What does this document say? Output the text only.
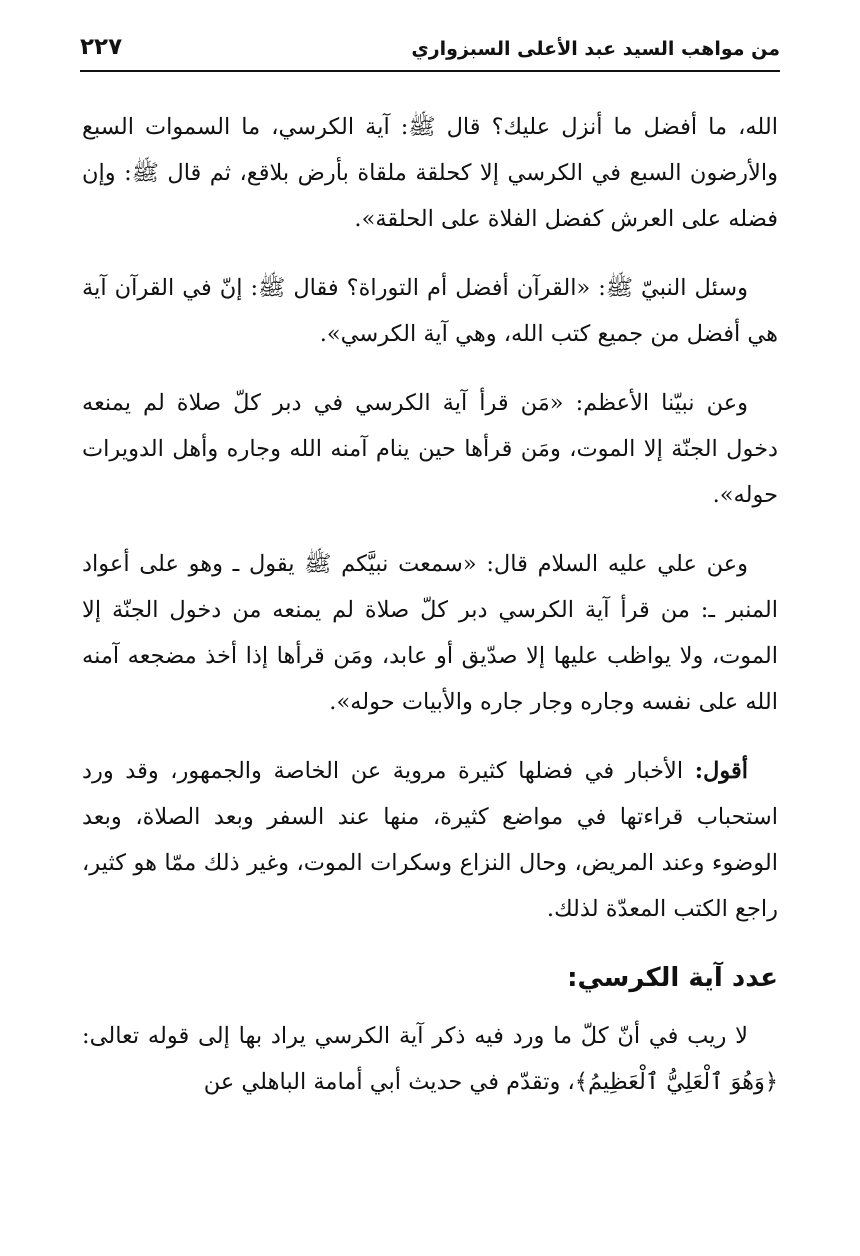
من مواهب السيد عبد الأعلى السبزواري
٢٢٧

الله، ما أفضل ما أنزل عليك؟ قال ﷺ: آية الكرسي، ما السموات السبع والأرضون السبع في الكرسي إلا كحلقة ملقاة بأرض بلاقع، ثم قال ﷺ: وإن فضله على العرش كفضل الفلاة على الحلقة».

وسئل النبيّ ﷺ: «القرآن أفضل أم التوراة؟ فقال ﷺ: إنّ في القرآن آية هي أفضل من جميع كتب الله، وهي آية الكرسي».

وعن نبيّنا الأعظم: «مَن قرأ آية الكرسي في دبر كلّ صلاة لم يمنعه دخول الجنّة إلا الموت، ومَن قرأها حين ينام آمنه الله وجاره وأهل الدويرات حوله».

وعن علي عليه السلام قال: «سمعت نبيَّكم ﷺ يقول ـ وهو على أعواد المنبر ـ: من قرأ آية الكرسي دبر كلّ صلاة لم يمنعه من دخول الجنّة إلا الموت، ولا يواظب عليها إلا صدّيق أو عابد، ومَن قرأها إذا أخذ مضجعه آمنه الله على نفسه وجاره وجار جاره والأبيات حوله».

أقول: الأخبار في فضلها كثيرة مروية عن الخاصة والجمهور، وقد ورد استحباب قراءتها في مواضع كثيرة، منها عند السفر وبعد الصلاة، وبعد الوضوء وعند المريض، وحال النزاع وسكرات الموت، وغير ذلك ممّا هو كثير، راجع الكتب المعدّة لذلك.

عدد آية الكرسي:

لا ريب في أنّ كلّ ما ورد فيه ذكر آية الكرسي يراد بها إلى قوله تعالى: ﴿وَهُوَ ٱلْعَلِيُّ ٱلْعَظِيمُ﴾، وتقدّم في حديث أبي أمامة الباهلي عن
